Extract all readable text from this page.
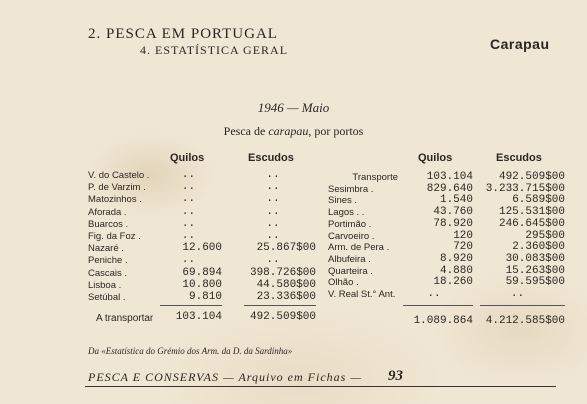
2. PESCA EM PORTUGAL
4. ESTATÍSTICA GERAL	Carapau
1946 — Maio
Pesca de carapau, por portos
Quilos	Escudos	Quilos	Escudos
V. do Castelo .	..	..
P. de Varzim .	..	..
Matozinhos .	..	..
Aforada .	..	..
Buarcos .	..	..
Fig. da Foz .	..	..
Nazaré .	12.600	25.867$00
Peniche .	..	..
Cascais .	69.894	398.726$00
Lisboa .	10.800	44.580$00
Setúbal .	9.810	23.336$00
Transporte	103.104	492.509$00
Sesimbra .	829.640	3.233.715$00
Sines .	1.540	6.589$00
Lagos . .	43.760	125.531$00
Portimão .	78.920	246.645$00
Carvoeiro .	120	295$00
Arm. de Pera .	720	2.360$00
Albufeira .	8.920	30.083$00
Quarteira .	4.880	15.263$00
Olhão .	18.260	59.595$00
V. Real St.° Ant.	..	..
A transportar	103.104	492.509$00	1.089.864	4.212.585$00
Da «Estatística do Grémio dos Arm. da D. da Sardinha»
PESCA E CONSERVAS — Arquivo em Fichas — 93
